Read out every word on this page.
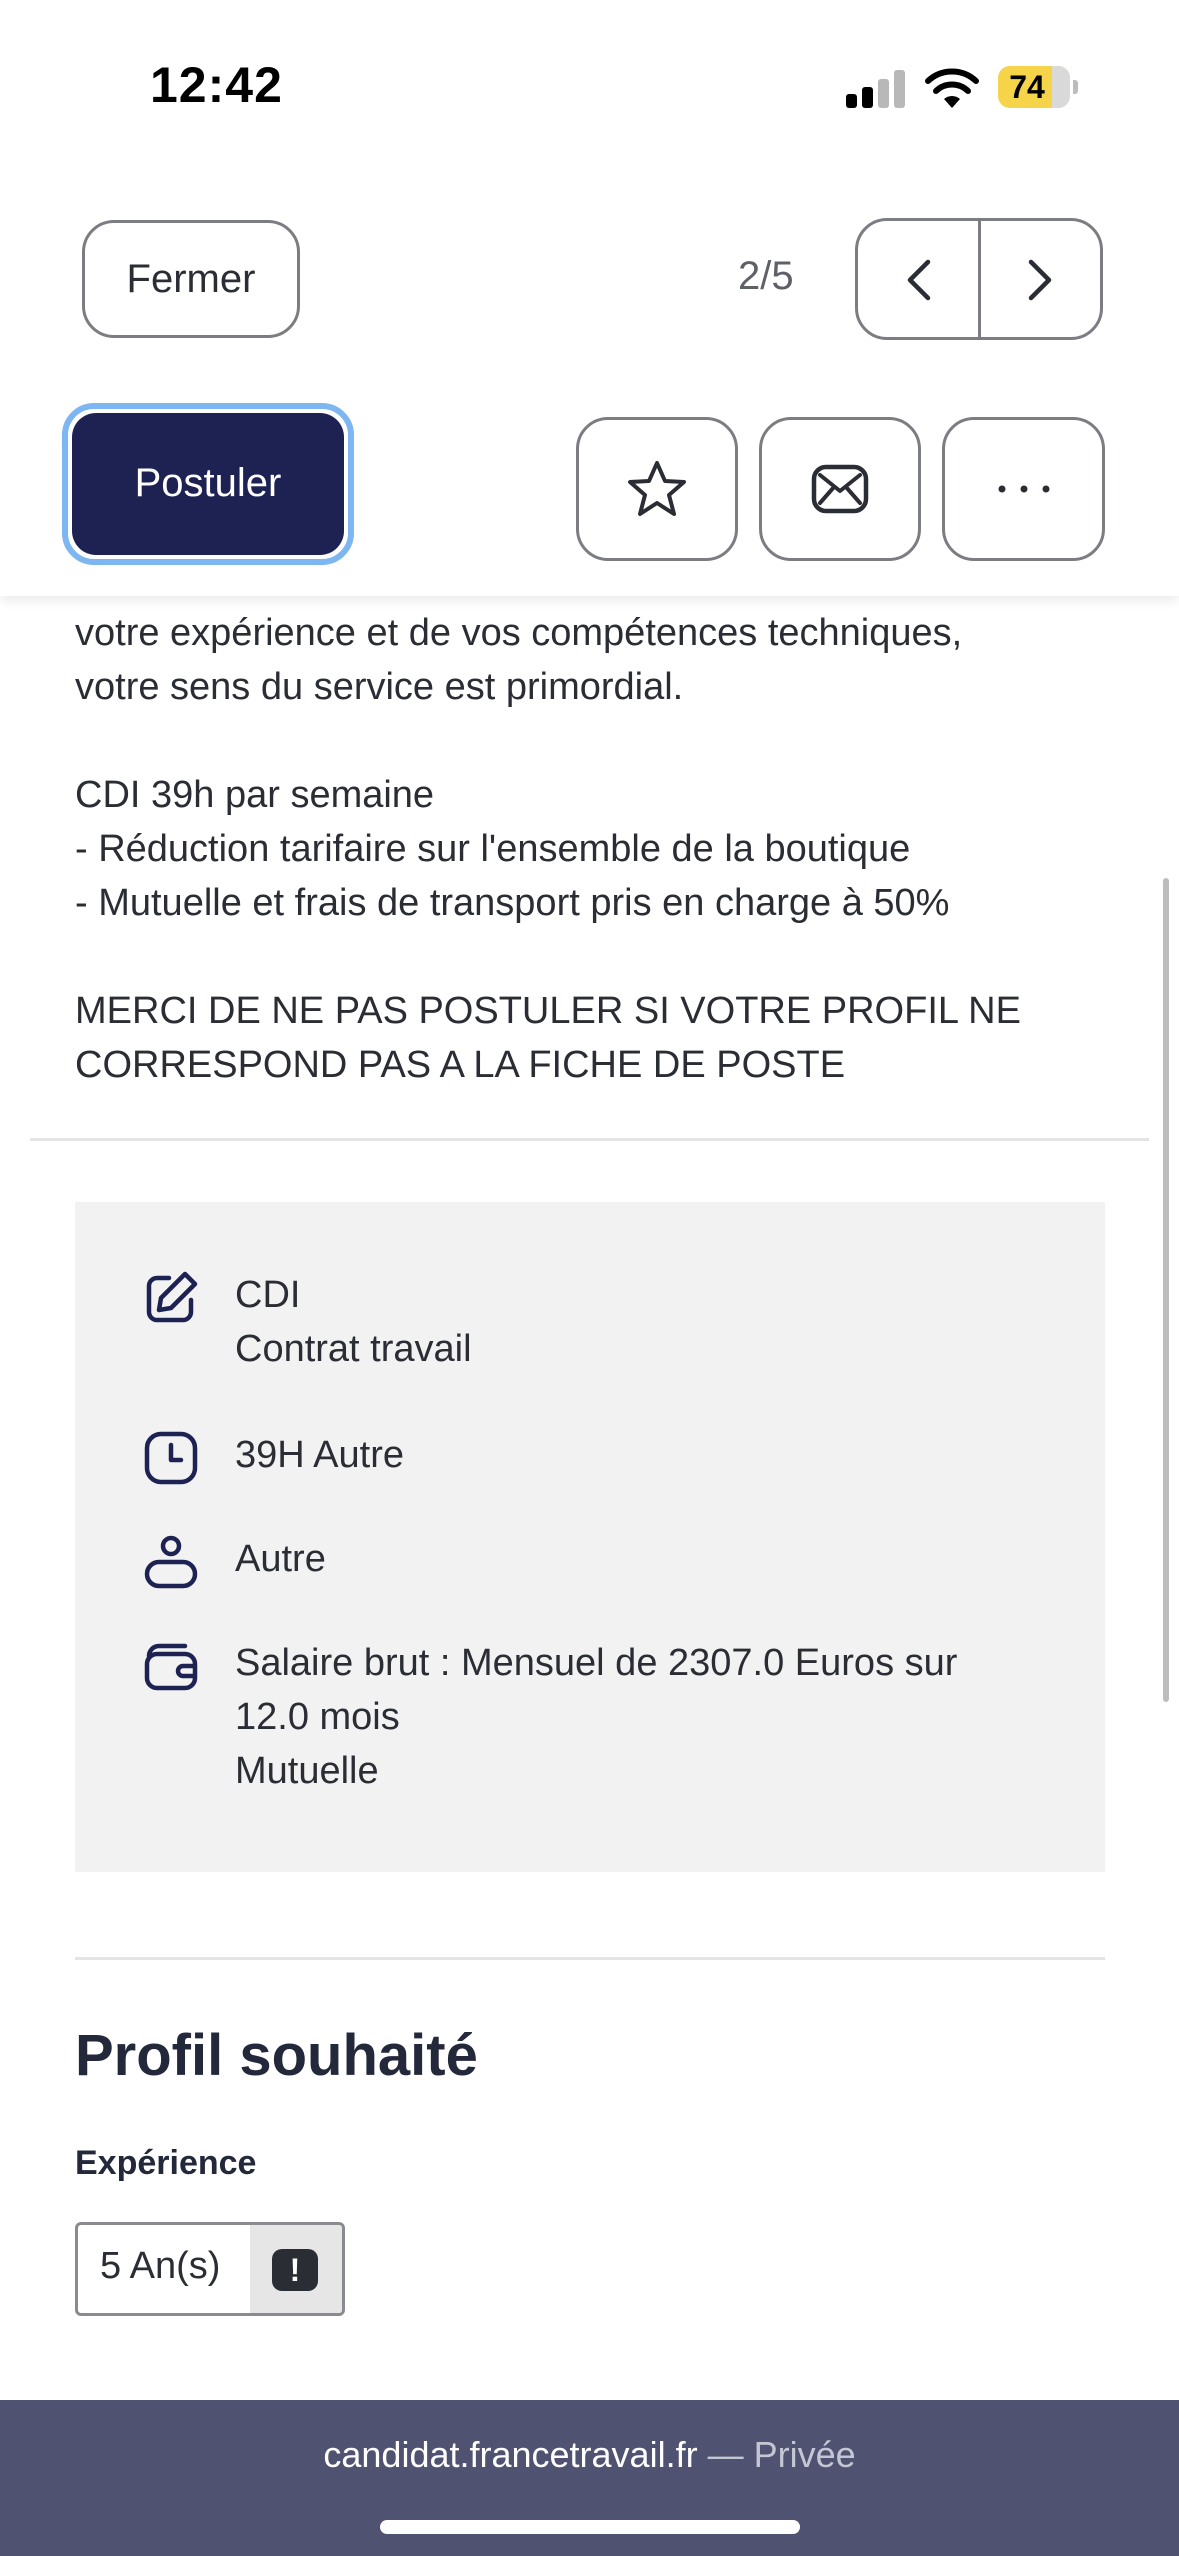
12:42	74
Fermer	2/5
Postuler
votre expérience et de vos compétences techniques,
votre sens du service est primordial.
CDI 39h par semaine
- Réduction tarifaire sur l'ensemble de la boutique
- Mutuelle et frais de transport pris en charge à 50%
MERCI DE NE PAS POSTULER SI VOTRE PROFIL NE
CORRESPOND PAS A LA FICHE DE POSTE
CDI
Contrat travail
39H Autre
Autre
Salaire brut : Mensuel de 2307.0 Euros sur
12.0 mois
Mutuelle
Profil souhaité
Expérience
5 An(s)	!
candidat.francetravail.fr — Privée
